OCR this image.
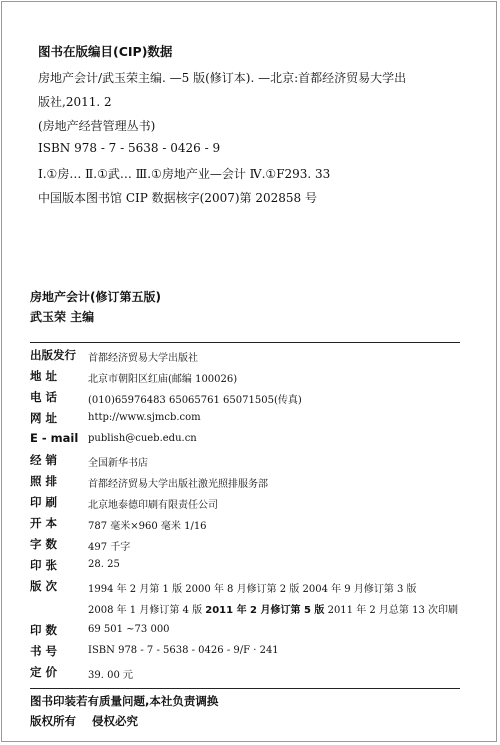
图书在版编目(CIP)数据
房地产会计/武玉荣主编. —5 版(修订本). —北京:首都经济贸易大学出
版社,2011. 2
(房地产经营管理丛书)
ISBN 978 - 7 - 5638 - 0426 - 9
Ⅰ.①房… Ⅱ.①武… Ⅲ.①房地产业—会计 Ⅳ.①F293. 33
中国版本图书馆 CIP 数据核字(2007)第 202858 号
房地产会计(修订第五版)
武玉荣 主编
出版发行 首都经济贸易大学出版社
地 址	北京市朝阳区红庙(邮编 100026)
电 话	(010)65976483 65065761 65071505(传真)
网 址	http://www.sjmcb.com
E - mail publish@cueb.edu.cn
经 销	全国新华书店
照 排	首都经济贸易大学出版社激光照排服务部
印 刷	北京地泰德印刷有限责任公司
开 本	787 毫米×960 毫米 1/16
字 数	497 千字
印 张	28. 25
版 次	1994 年 2 月第 1 版 2000 年 8 月修订第 2 版 2004 年 9 月修订第 3 版
2008 年 1 月修订第 4 版 2011 年 2 月修订第 5 版 2011 年 2 月总第 13 次印刷
印 数	69 501 ~73 000
书 号	ISBN 978 - 7 - 5638 - 0426 - 9/F · 241
定 价	39. 00 元
图书印装若有质量问题,本社负责调换
版权所有 侵权必究
